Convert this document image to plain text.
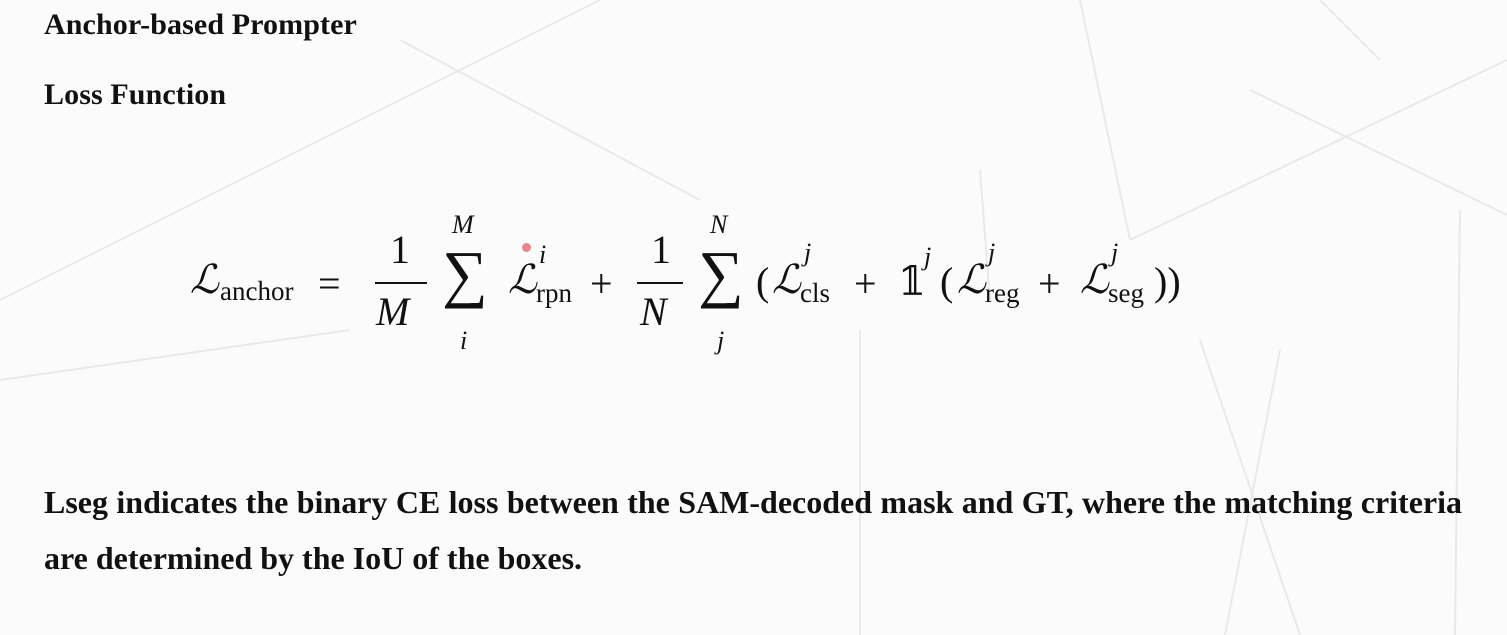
Anchor-based Prompter
Loss Function
ℒ anchor =
1
M
M
∑
i
ℒ
i
rpn +
1
N
N
∑
j
( ℒ
j
cls + 𝟙
j
( ℒ
j
reg + ℒ
j
seg ))

Lseg indicates the binary CE loss between the SAM-decoded mask and GT, where the matching criteria are determined by the IoU of the boxes.
